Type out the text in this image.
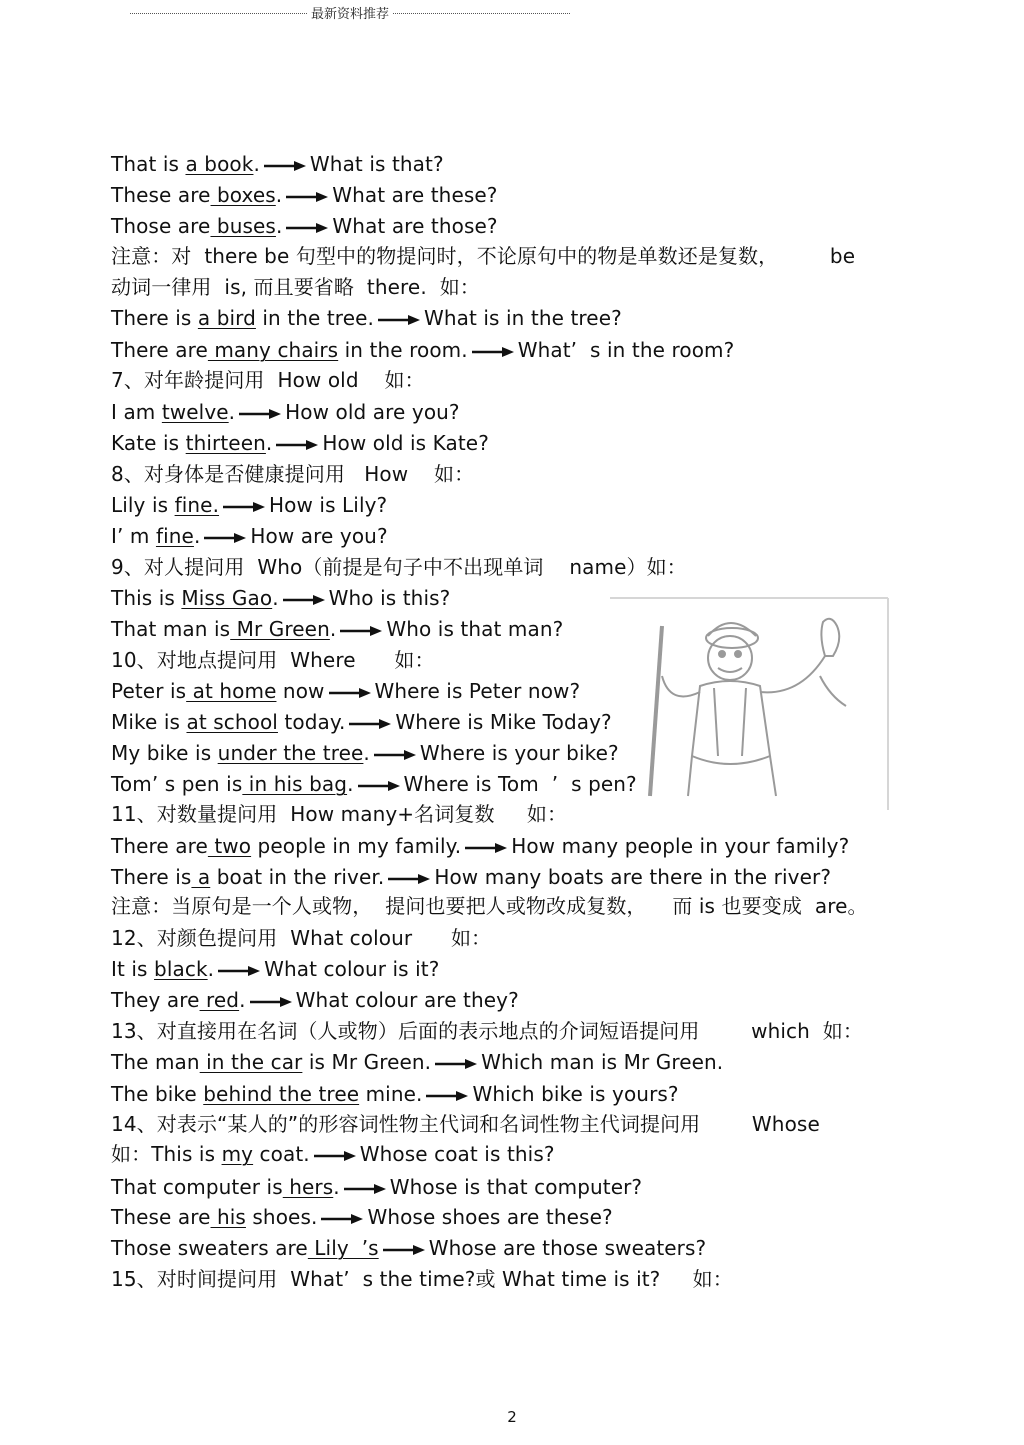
最新资料推荐
That is a book.	What is that?
These are boxes.	What are these?
Those are buses.	What are those?
注意：对  there be 句型中的物提问时，不论原句中的物是单数还是复数，        be
动词一律用  is, 而且要省略  there.  如：
There is a bird in the tree.	What is in the tree?
There are many chairs in the room.	What’  s in the room?
7、对年龄提问用  How old    如：
I am twelve.	How old are you?
Kate is thirteen.	How old is Kate?
8、对身体是否健康提问用   How    如：
Lily is fine.	How is Lily?
I’ m fine.	How are you?
9、对人提问用  Who（前提是句子中不出现单词    name）如：
This is Miss Gao.	Who is this?
That man is Mr Green.	Who is that man?
10、对地点提问用  Where      如：
Peter is at home now	Where is Peter now?
Mike is at school today.	Where is Mike Today?
My bike is under the tree.	Where is your bike?
Tom’ s pen is in his bag.	Where is Tom  ’  s pen?
11、对数量提问用  How many+名词复数     如：
There are two people in my family.	How many people in your family?
There is a boat in the river.	How many boats are there in the river?
注意：当原句是一个人或物，  提问也要把人或物改成复数，    而 is 也要变成  are。
12、对颜色提问用  What colour      如：
It is black.	What colour is it?
They are red.	What colour are they?
13、对直接用在名词（人或物）后面的表示地点的介词短语提问用        which  如：
The man in the car is Mr Green.	Which man is Mr Green.
The bike behind the tree mine.	Which bike is yours?
14、对表示“某人的”的形容词性物主代词和名词性物主代词提问用        Whose
如：This is my coat.	Whose coat is this?
That computer is hers.	Whose is that computer?
These are his shoes.	Whose shoes are these?
Those sweaters are Lily  ’s	Whose are those sweaters?
15、对时间提问用  What’  s the time?或 What time is it?     如：
2
